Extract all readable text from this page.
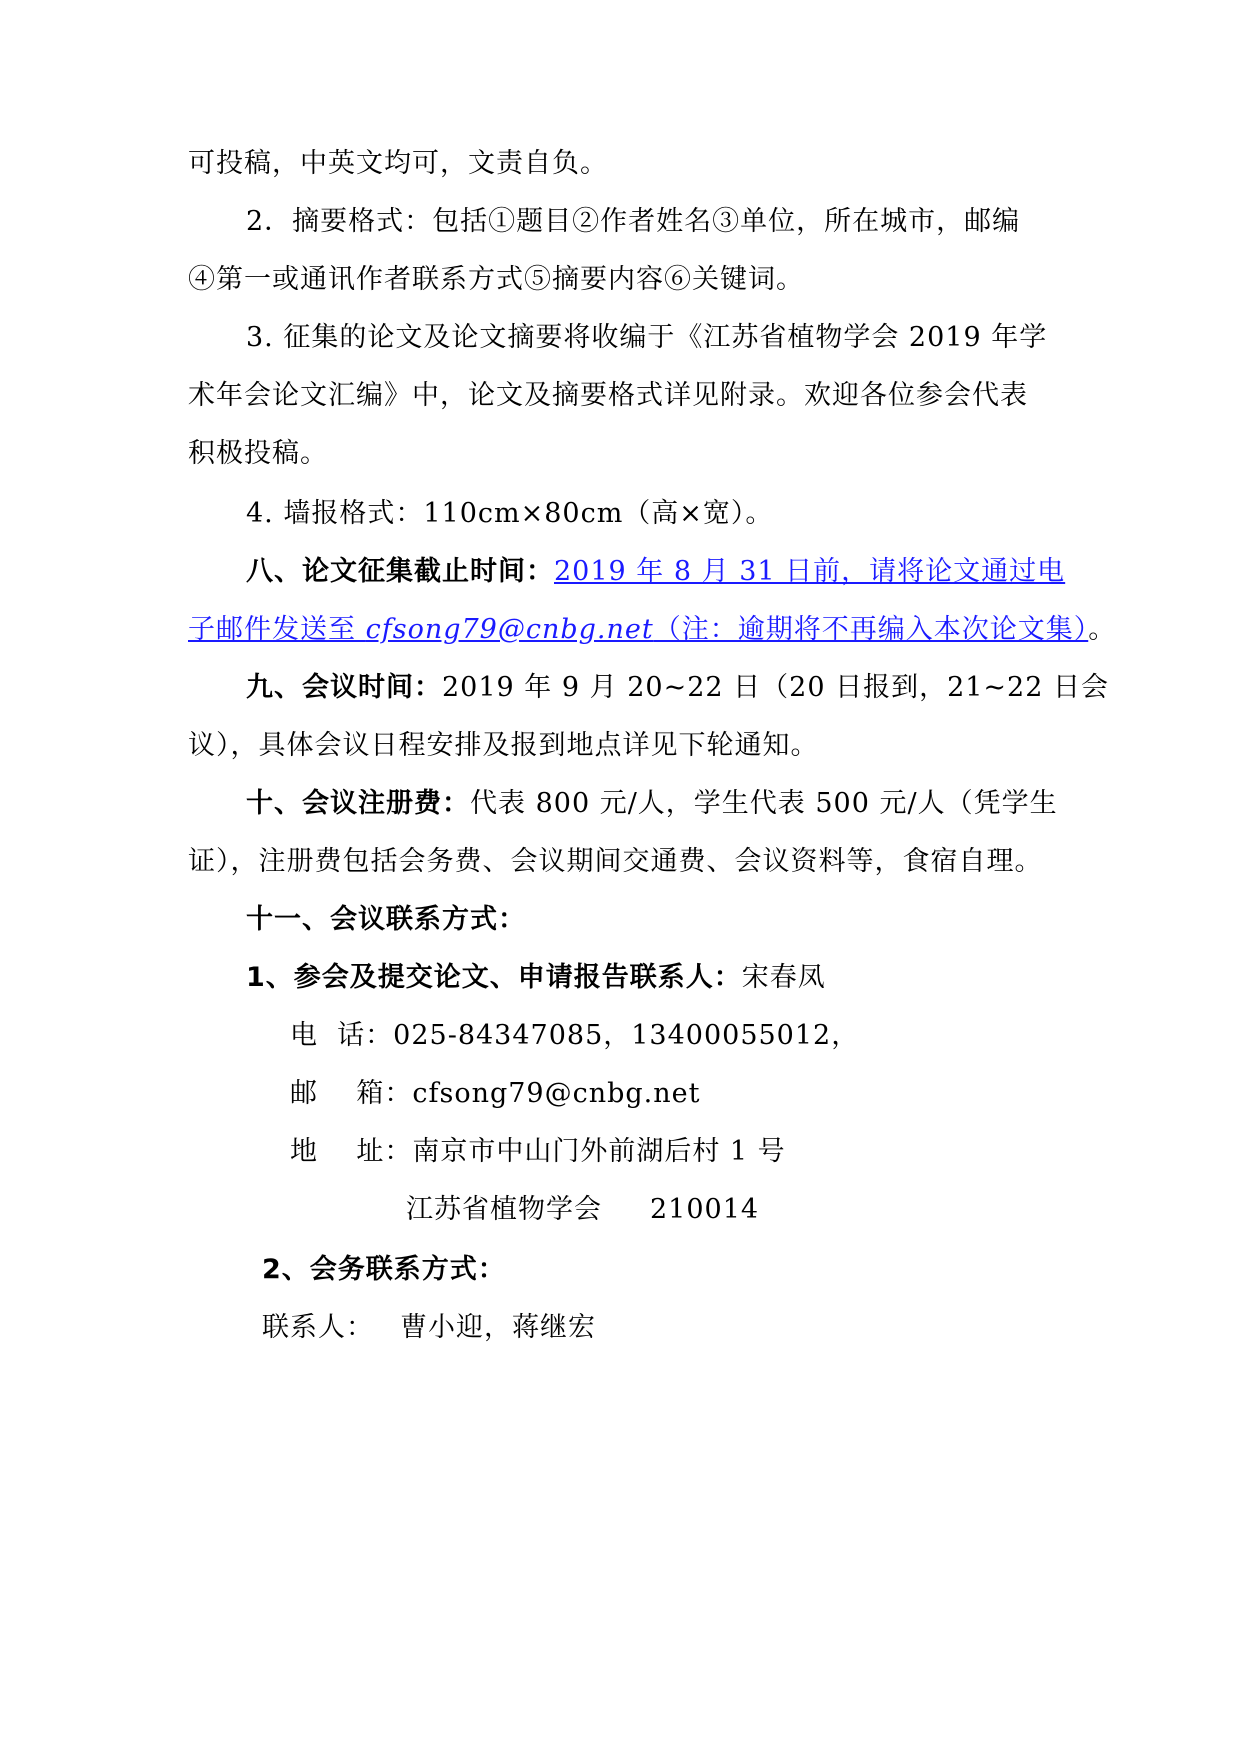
可投稿，中英文均可，文责自负。
2．摘要格式：包括①题目②作者姓名③单位，所在城市，邮编
④第一或通讯作者联系方式⑤摘要内容⑥关键词。
3. 征集的论文及论文摘要将收编于《江苏省植物学会 2019 年学
术年会论文汇编》中，论文及摘要格式详见附录。欢迎各位参会代表
积极投稿。
4. 墙报格式：110cm×80cm（高×宽）。
八、论文征集截止时间：2019 年 8 月 31 日前，请将论文通过电
子邮件发送至 cfsong79@cnbg.net（注：逾期将不再编入本次论文集）。
九、会议时间：2019 年 9 月 20~22 日（20 日报到，21~22 日会
议），具体会议日程安排及报到地点详见下轮通知。
十、会议注册费：代表 800 元/人，学生代表 500 元/人（凭学生
证），注册费包括会务费、会议期间交通费、会议资料等，食宿自理。
十一、会议联系方式：
1、参会及提交论文、申请报告联系人：宋春凤
电  话：025-84347085，13400055012，
邮    箱：cfsong79@cnbg.net
地    址：南京市中山门外前湖后村 1 号
江苏省植物学会 210014
2、会务联系方式：
联系人： 曹小迎，蒋继宏
